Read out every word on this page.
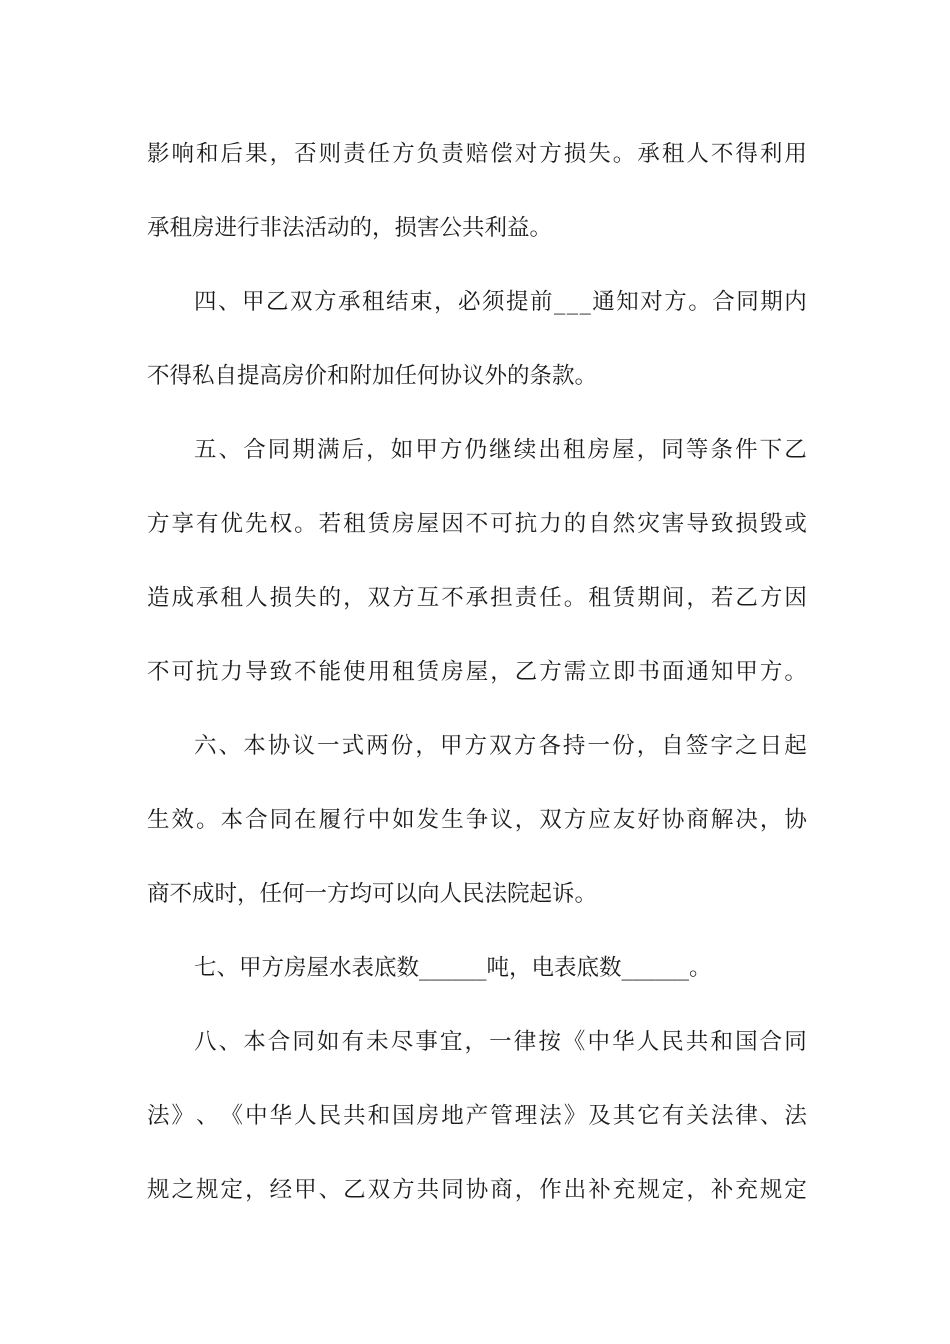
影 响 和 后 果 ， 否 则 责 任 方 负 责 赔 偿 对 方 损 失 。 承 租 人 不 得 利 用
承租房进行非法活动的，损害公共利益。
四 、 甲 乙 双 方 承 租 结 束 ， 必 须 提 前 _ _ _ 通 知 对 方 。 合 同 期 内
不得私自提高房价和附加任何协议外的条款。
五 、 合 同 期 满 后 ， 如 甲 方 仍 继 续 出 租 房 屋 ， 同 等 条 件 下 乙
方 享 有 优 先 权 。 若 租 赁 房 屋 因 不 可 抗 力 的 自 然 灾 害 导 致 损 毁 或
造 成 承 租 人 损 失 的 ， 双 方 互 不 承 担 责 任 。 租 赁 期 间 ， 若 乙 方 因
不 可 抗 力 导 致 不 能 使 用 租 赁 房 屋 ， 乙 方 需 立 即 书 面 通 知 甲 方 。
六 、 本 协 议 一 式 两 份 ， 甲 方 双 方 各 持 一 份 ， 自 签 字 之 日 起
生 效 。 本 合 同 在 履 行 中 如 发 生 争 议 ， 双 方 应 友 好 协 商 解 决 ， 协
商不成时，任何一方均可以向人民法院起诉。
七、甲方房屋水表底数______吨，电表底数______。
八 、 本 合 同 如 有 未 尽 事 宜 ， 一 律 按 《 中 华 人 民 共 和 国 合 同
法 》 、 《 中 华 人 民 共 和 国 房 地 产 管 理 法 》 及 其 它 有 关 法 律 、 法
规 之 规 定 ， 经 甲 、 乙 双 方 共 同 协 商 ， 作 出 补 充 规 定 ， 补 充 规 定
